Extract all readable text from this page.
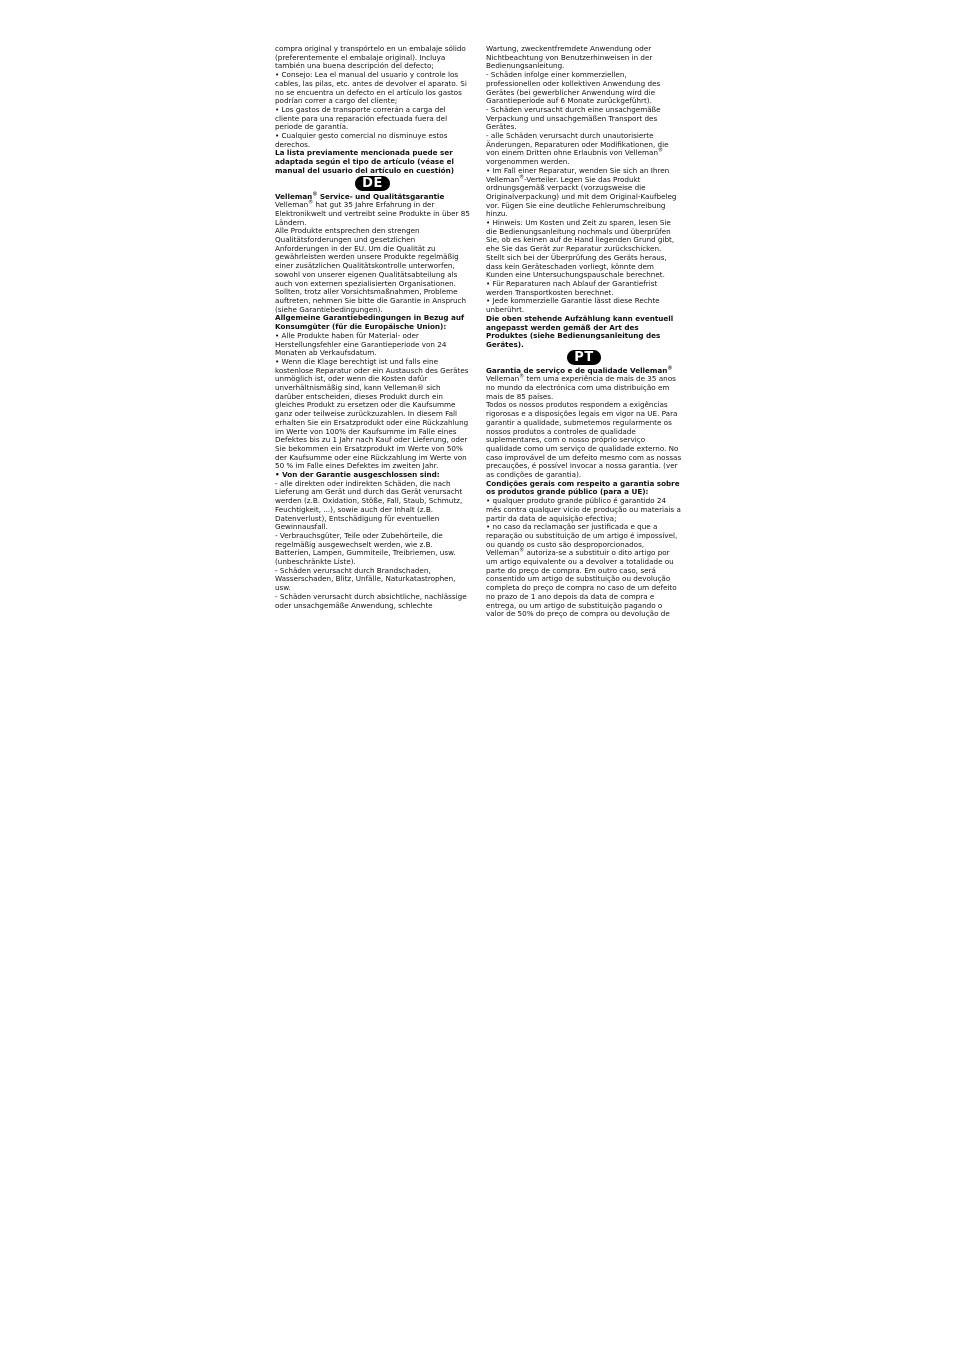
compra original y transpórtelo en un embalaje sólido (preferentemente el embalaje original). Incluya también una buena descripción del defecto;

• Consejo: Lea el manual del usuario y controle los cables, las pilas, etc. antes de devolver el aparato. Si no se encuentra un defecto en el artículo los gastos podrían correr a cargo del cliente;

• Los gastos de transporte correrán a carga del cliente para una reparación efectuada fuera del periode de garantía.

• Cualquier gesto comercial no disminuye estos derechos.

La lista previamente mencionada puede ser adaptada según el tipo de artículo (véase el manual del usuario del artículo en cuestión)

DE

Velleman® Service- und Qualitätsgarantie

Velleman® hat gut 35 Jahre Erfahrung in der Elektronikwelt und vertreibt seine Produkte in über 85 Ländern.

Alle Produkte entsprechen den strengen Qualitätsforderungen und gesetzlichen Anforderungen in der EU. Um die Qualität zu gewährleisten werden unsere Produkte regelmäßig einer zusätzlichen Qualitätskontrolle unterworfen, sowohl von unserer eigenen Qualitätsabteilung als auch von externen spezialisierten Organisationen. Sollten, trotz aller Vorsichtsmaßnahmen, Probleme auftreten, nehmen Sie bitte die Garantie in Anspruch (siehe Garantiebedingungen).

Allgemeine Garantiebedingungen in Bezug auf Konsumgüter (für die Europäische Union):

• Alle Produkte haben für Material- oder Herstellungsfehler eine Garantieperiode von 24 Monaten ab Verkaufsdatum.

• Wenn die Klage berechtigt ist und falls eine kostenlose Reparatur oder ein Austausch des Gerätes unmöglich ist, oder wenn die Kosten dafür unverhältnismäßig sind, kann Velleman® sich darüber entscheiden, dieses Produkt durch ein gleiches Produkt zu ersetzen oder die Kaufsumme ganz oder teilweise zurückzuzahlen. In diesem Fall erhalten Sie ein Ersatzprodukt oder eine Rückzahlung im Werte von 100% der Kaufsumme im Falle eines Defektes bis zu 1 Jahr nach Kauf oder Lieferung, oder Sie bekommen ein Ersatzprodukt im Werte von 50% der Kaufsumme oder eine Rückzahlung im Werte von 50 % im Falle eines Defektes im zweiten Jahr.

• Von der Garantie ausgeschlossen sind:

- alle direkten oder indirekten Schäden, die nach Lieferung am Gerät und durch das Gerät verursacht werden (z.B. Oxidation, Stöße, Fall, Staub, Schmutz, Feuchtigkeit, ...), sowie auch der Inhalt (z.B. Datenverlust), Entschädigung für eventuellen Gewinnausfall.

- Verbrauchsgüter, Teile oder Zubehörteile, die regelmäßig ausgewechselt werden, wie z.B. Batterien, Lampen, Gummiteile, Treibriemen, usw. (unbeschränkte Liste).

- Schäden verursacht durch Brandschaden, Wasserschaden, Blitz, Unfälle, Naturkatastrophen, usw.

- Schäden verursacht durch absichtliche, nachlässige oder unsachgemäße Anwendung, schlechte

Wartung, zweckentfremdete Anwendung oder Nichtbeachtung von Benutzerhinweisen in der Bedienungsanleitung.

- Schäden infolge einer kommerziellen, professionellen oder kollektiven Anwendung des Gerätes (bei gewerblicher Anwendung wird die Garantieperiode auf 6 Monate zurückgeführt).

- Schäden verursacht durch eine unsachgemäße Verpackung und unsachgemäßen Transport des Gerätes.

- alle Schäden verursacht durch unautorisierte Änderungen, Reparaturen oder Modifikationen, die von einem Dritten ohne Erlaubnis von Velleman® vorgenommen werden.

• Im Fall einer Reparatur, wenden Sie sich an Ihren Velleman®-Verteiler. Legen Sie das Produkt ordnungsgemäß verpackt (vorzugsweise die Originalverpackung) und mit dem Original-Kaufbeleg vor. Fügen Sie eine deutliche Fehlerumschreibung hinzu.

• Hinweis: Um Kosten und Zeit zu sparen, lesen Sie die Bedienungsanleitung nochmals und überprüfen Sie, ob es keinen auf de Hand liegenden Grund gibt, ehe Sie das Gerät zur Reparatur zurückschicken. Stellt sich bei der Überprüfung des Geräts heraus, dass kein Geräteschaden vorliegt, könnte dem Kunden eine Untersuchungspauschale berechnet.

• Für Reparaturen nach Ablauf der Garantiefrist werden Transportkosten berechnet.

• Jede kommerzielle Garantie lässt diese Rechte unberührt.

Die oben stehende Aufzählung kann eventuell angepasst werden gemäß der Art des Produktes (siehe Bedienungsanleitung des Gerätes).

PT

Garantia de serviço e de qualidade Velleman®

Velleman® tem uma experiência de mais de 35 anos no mundo da electrónica com uma distribuição em mais de 85 países.

Todos os nossos produtos respondem a exigências rigorosas e a disposições legais em vigor na UE. Para garantir a qualidade, submetemos regularmente os nossos produtos a controles de qualidade suplementares, com o nosso próprio serviço qualidade como um serviço de qualidade externo. No caso improvável de um defeito mesmo com as nossas precauções, é possível invocar a nossa garantia. (ver as condições de garantia).

Condições gerais com respeito a garantia sobre os produtos grande público (para a UE):

• qualquer produto grande público é garantido 24 mês contra qualquer vício de produção ou materiais a partir da data de aquisição efectiva;

• no caso da reclamação ser justificada e que a reparação ou substituição de um artigo é impossível, ou quando os custo são desproporcionados, Velleman® autoriza-se a substituir o dito artigo por um artigo equivalente ou a devolver a totalidade ou parte do preço de compra. Em outro caso, será consentido um artigo de substituição ou devolução completa do preço de compra no caso de um defeito no prazo de 1 ano depois da data de compra e entrega, ou um artigo de substituição pagando o valor de 50% do preço de compra ou devolução de
